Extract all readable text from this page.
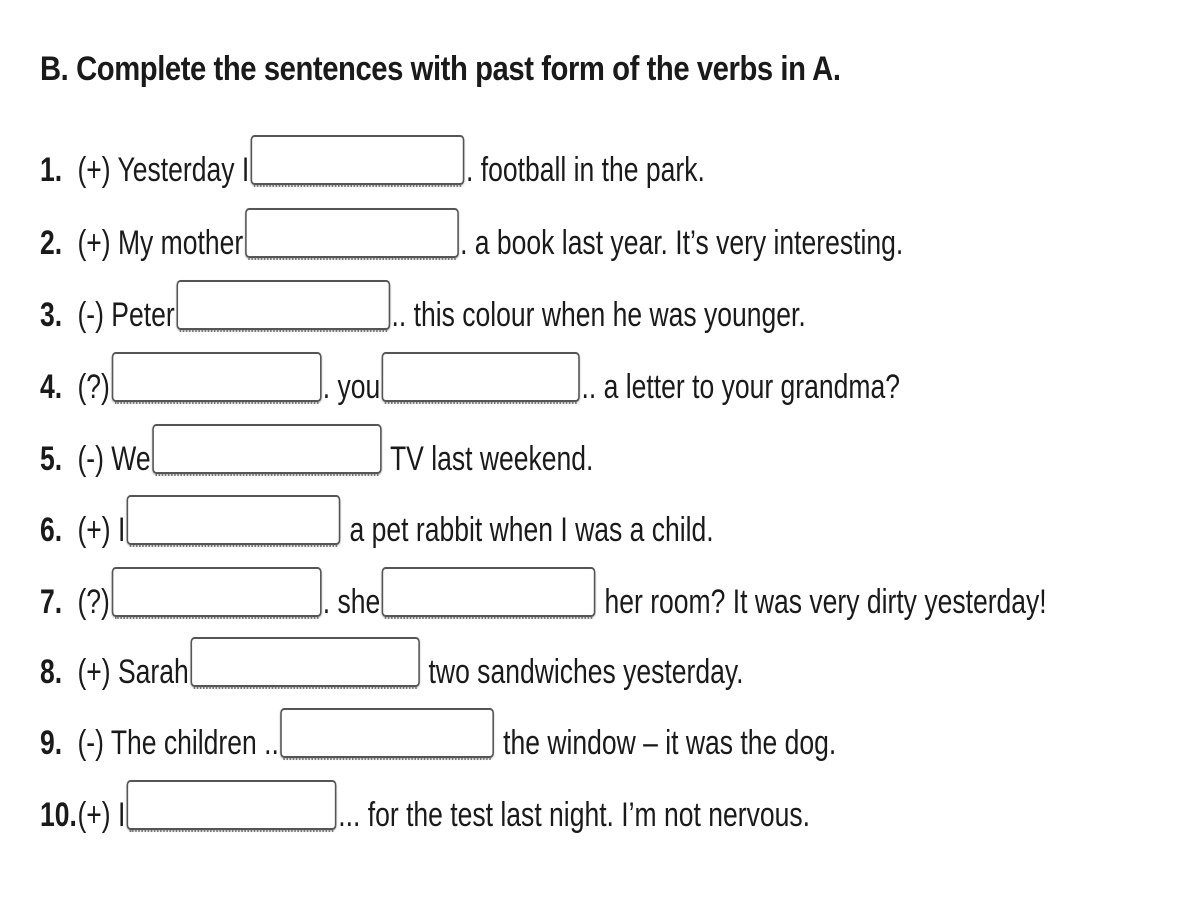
B. Complete the sentences with past form of the verbs in A.
1. (+) Yesterday I	. football in the park.
2. (+) My mother	. a book last year. It’s very interesting.
3. (-) Peter	.. this colour when he was younger.
4. (?)	. you	.. a letter to your grandma?
5. (-) We	TV last weekend.
6. (+) I	a pet rabbit when I was a child.
7. (?)	. she	her room? It was very dirty yesterday!
8. (+) Sarah	two sandwiches yesterday.
9. (-) The children ..	the window – it was the dog.
10.(+) I	... for the test last night. I’m not nervous.
